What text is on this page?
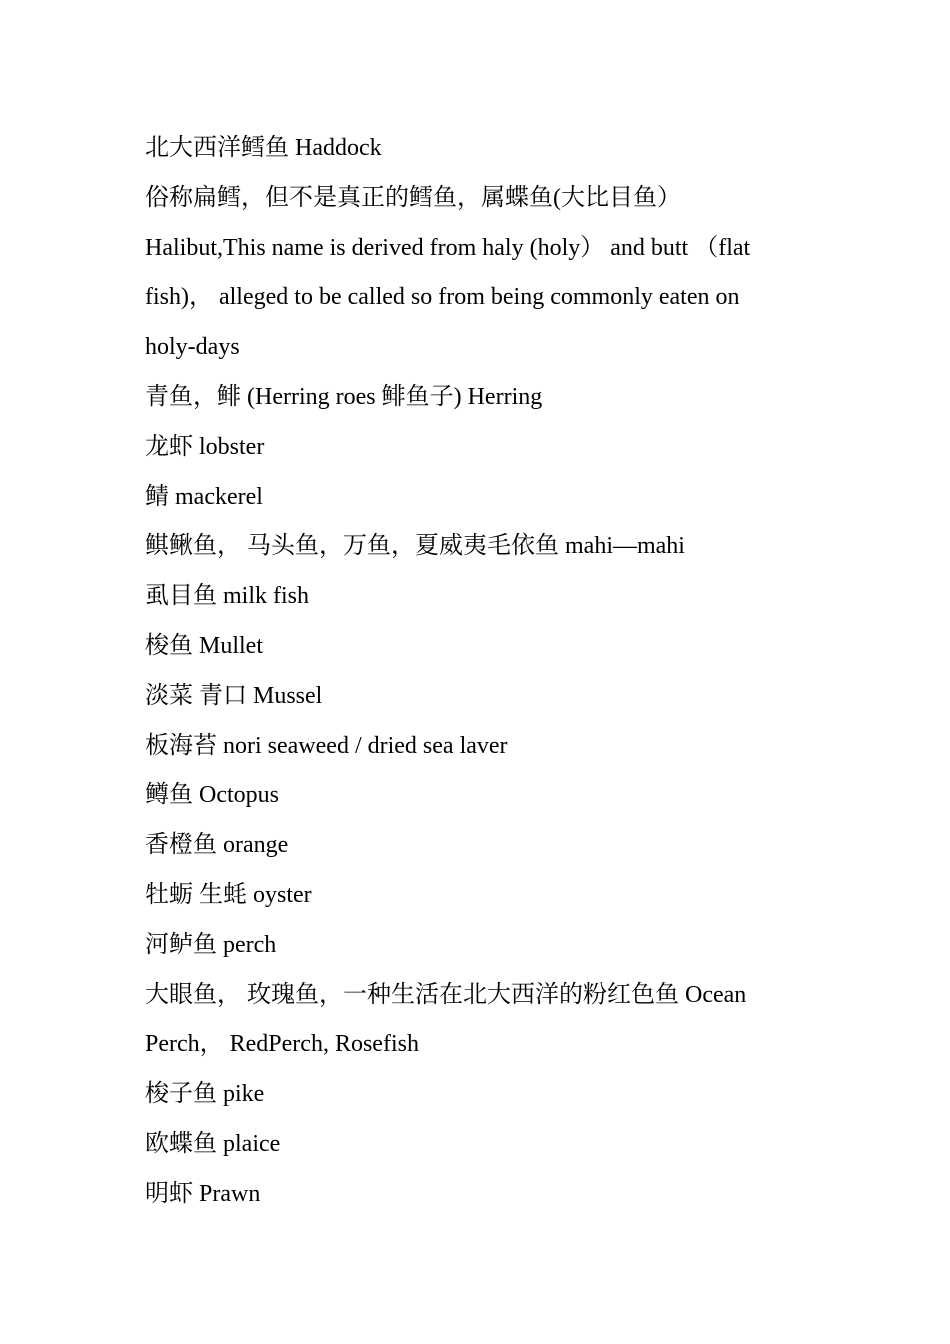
北大西洋鳕鱼 Haddock
俗称扁鳕，但不是真正的鳕鱼，属蝶鱼(大比目鱼）
Halibut,This name is derived from haly (holy） and butt （flat
fish)， alleged to be called so from being commonly eaten on
holy-days
青鱼，鲱 (Herring roes 鲱鱼子) Herring
龙虾 lobster
鲭 mackerel
鲯鳅鱼， 马头鱼，万鱼，夏威夷毛依鱼 mahi—mahi
虱目鱼 milk fish
梭鱼 Mullet
淡菜 青口 Mussel
板海苔 nori seaweed / dried sea laver
鳟鱼 Octopus
香橙鱼 orange
牡蛎 生蚝 oyster
河鲈鱼 perch
大眼鱼， 玫瑰鱼，一种生活在北大西洋的粉红色鱼 Ocean
Perch， RedPerch, Rosefish
梭子鱼 pike
欧蝶鱼 plaice
明虾 Prawn
